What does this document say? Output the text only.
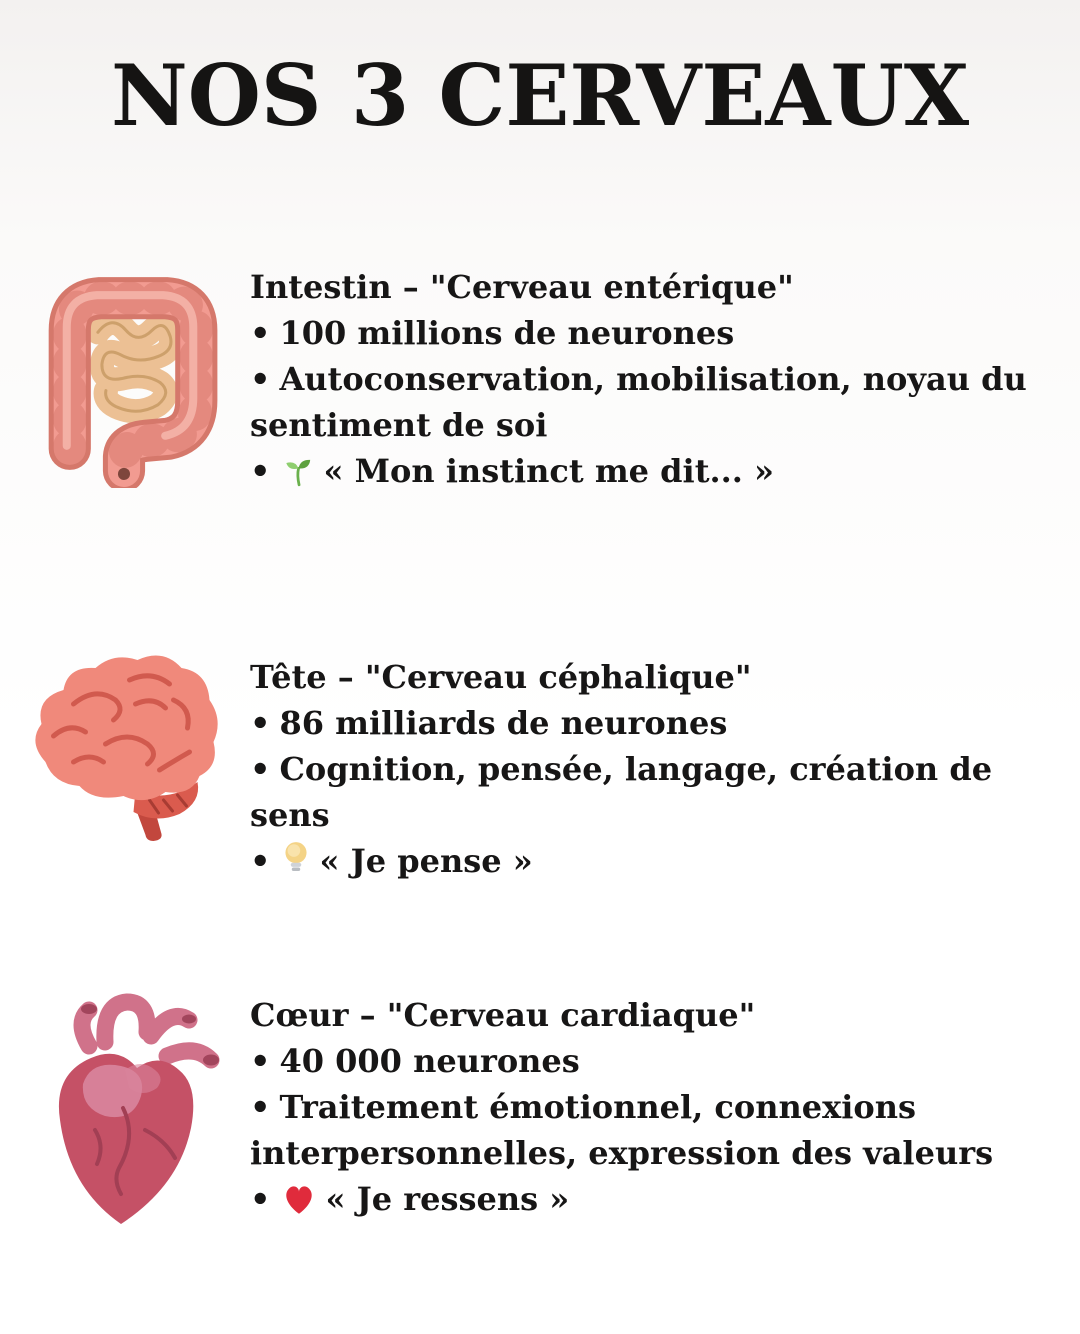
NOS 3 CERVEAUX
Intestin – "Cerveau entérique"

• 100 millions de neurones

• Autoconservation, mobilisation, noyau du sentiment de soi

• « Mon instinct me dit... »

Tête – "Cerveau céphalique"

• 86 milliards de neurones

• Cognition, pensée, langage, création de sens

• « Je pense »

Cœur – "Cerveau cardiaque"

• 40 000 neurones

• Traitement émotionnel, connexions interpersonnelles, expression des valeurs

• « Je ressens »
